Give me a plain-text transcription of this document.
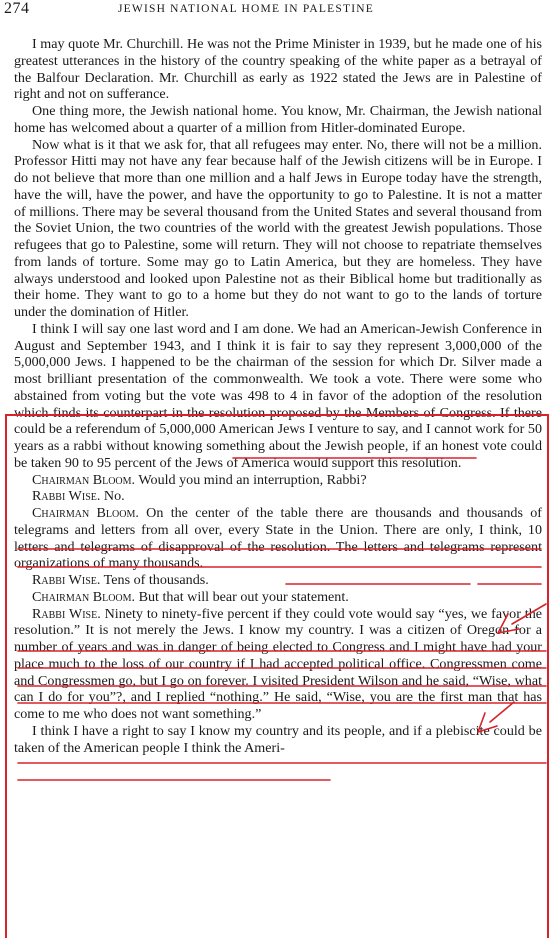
274	JEWISH NATIONAL HOME IN PALESTINE

I may quote Mr. Churchill. He was not the Prime Minister in 1939, but he made one of his greatest utterances in the history of the country speaking of the white paper as a betrayal of the Balfour Declaration. Mr. Churchill as early as 1922 stated the Jews are in Palestine of right and not on sufferance.

One thing more, the Jewish national home. You know, Mr. Chairman, the Jewish national home has welcomed about a quarter of a million from Hitler-dominated Europe.

Now what is it that we ask for, that all refugees may enter. No, there will not be a million. Professor Hitti may not have any fear because half of the Jewish citizens will be in Europe. I do not believe that more than one million and a half Jews in Europe today have the strength, have the will, have the power, and have the opportunity to go to Palestine. It is not a matter of millions. There may be several thousand from the United States and several thousand from the Soviet Union, the two countries of the world with the greatest Jewish populations. Those refugees that go to Palestine, some will return. They will not choose to repatriate themselves from lands of torture. Some may go to Latin America, but they are homeless. They have always understood and looked upon Palestine not as their Biblical home but traditionally as their home. They want to go to a home but they do not want to go to the lands of torture under the domination of Hitler.

I think I will say one last word and I am done. We had an American-Jewish Conference in August and September 1943, and I think it is fair to say they represent 3,000,000 of the 5,000,000 Jews. I happened to be the chairman of the session for which Dr. Silver made a most brilliant presentation of the commonwealth. We took a vote. There were some who abstained from voting but the vote was 498 to 4 in favor of the adoption of the resolution which finds its counterpart in the resolution proposed by the Members of Congress. If there could be a referendum of 5,000,000 American Jews I venture to say, and I cannot work for 50 years as a rabbi without knowing something about the Jewish people, if an honest vote could be taken 90 to 95 percent of the Jews of America would support this resolution.

Chairman Bloom. Would you mind an interruption, Rabbi?

Rabbi Wise. No.

Chairman Bloom. On the center of the table there are thousands and thousands of telegrams and letters from all over, every State in the Union. There are only, I think, 10 letters and telegrams of disapproval of the resolution. The letters and telegrams represent organizations of many thousands.

Rabbi Wise. Tens of thousands.

Chairman Bloom. But that will bear out your statement.

Rabbi Wise. Ninety to ninety-five percent if they could vote would say “yes, we favor the resolution.” It is not merely the Jews. I know my country. I was a citizen of Oregon for a number of years and was in danger of being elected to Congress and I might have had your place much to the loss of our country if I had accepted political office. Congressmen come and Congressmen go, but I go on forever. I visited President Wilson and he said, “Wise, what can I do for you”?, and I replied “nothing.” He said, “Wise, you are the first man that has come to me who does not want something.”

I think I have a right to say I know my country and its people, and if a plebiscite could be taken of the American people I think the Ameri-
